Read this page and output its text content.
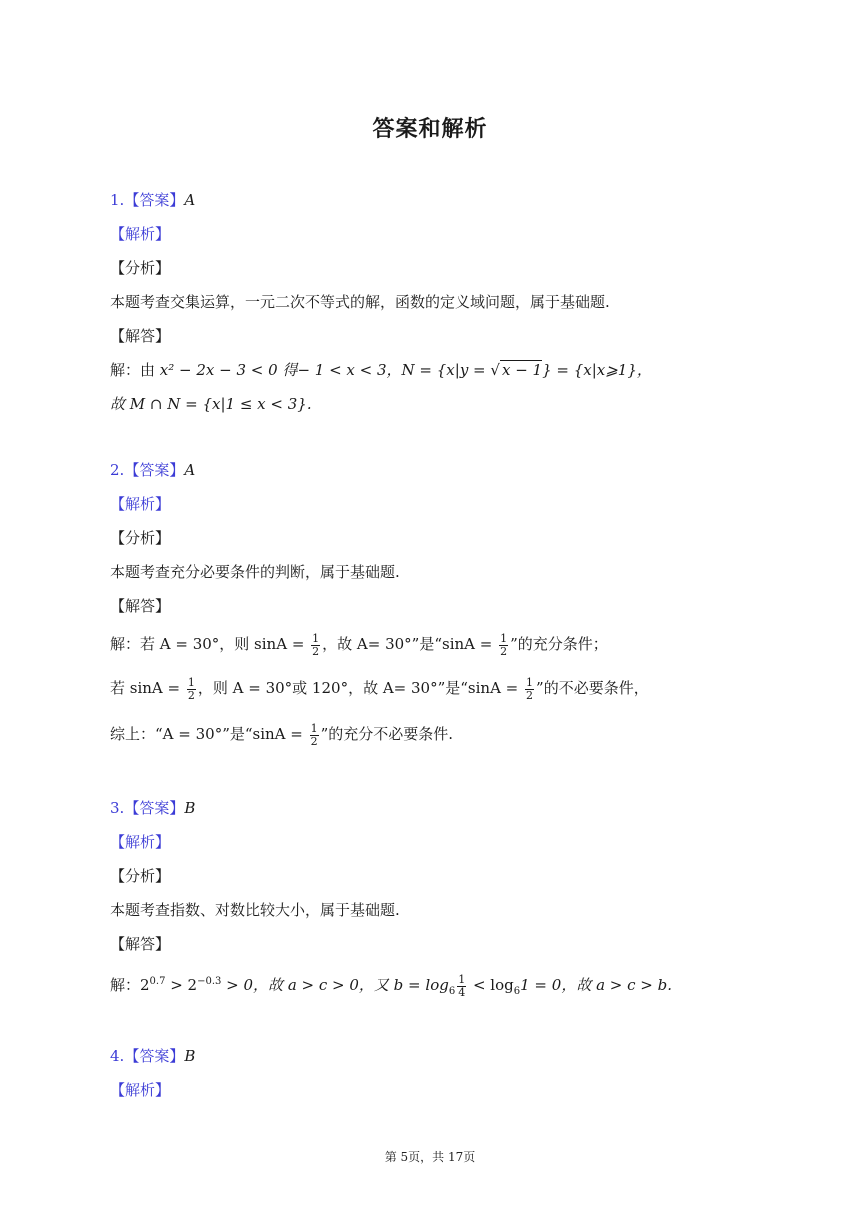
答案和解析
1.【答案】A
【解析】
【分析】
本题考查交集运算，一元二次不等式的解，函数的定义域问题，属于基础题.
【解答】
解：由 x² − 2x − 3 < 0 得− 1 < x < 3，N = {x|y = √ x − 1} = {x|x⩾1}，
故 M ∩ N = {x|1 ≤ x < 3}.
2.【答案】A
【解析】
【分析】
本题考查充分必要条件的判断，属于基础题.
【解答】
解：若 A = 30°，则 $\sin A = \frac{1}{2}$ ，故 A= 30°”是“$\sin A = \frac{1}{2}$ ”的充分条件；
若 $\sin A = \frac{1}{2}$ ，则 A = 30°或 120°，故 A= 30°”是“$\sin A = \frac{1}{2}$ ”的不必要条件，
综上：“A = 30°”是“$\sin A = \frac{1}{2}$ ”的充分不必要条件.
3.【答案】B
【解析】
【分析】
本题考查指数、对数比较大小，属于基础题.
【解答】
解：$2^{0.7} > 2^{-0.3} > 0$，故 a > c > 0，又 $b = \log_6 \frac{1}{4} < \log_61 = 0$，故 a > c > b.
4.【答案】B
【解析】
第 5页，共 17页
